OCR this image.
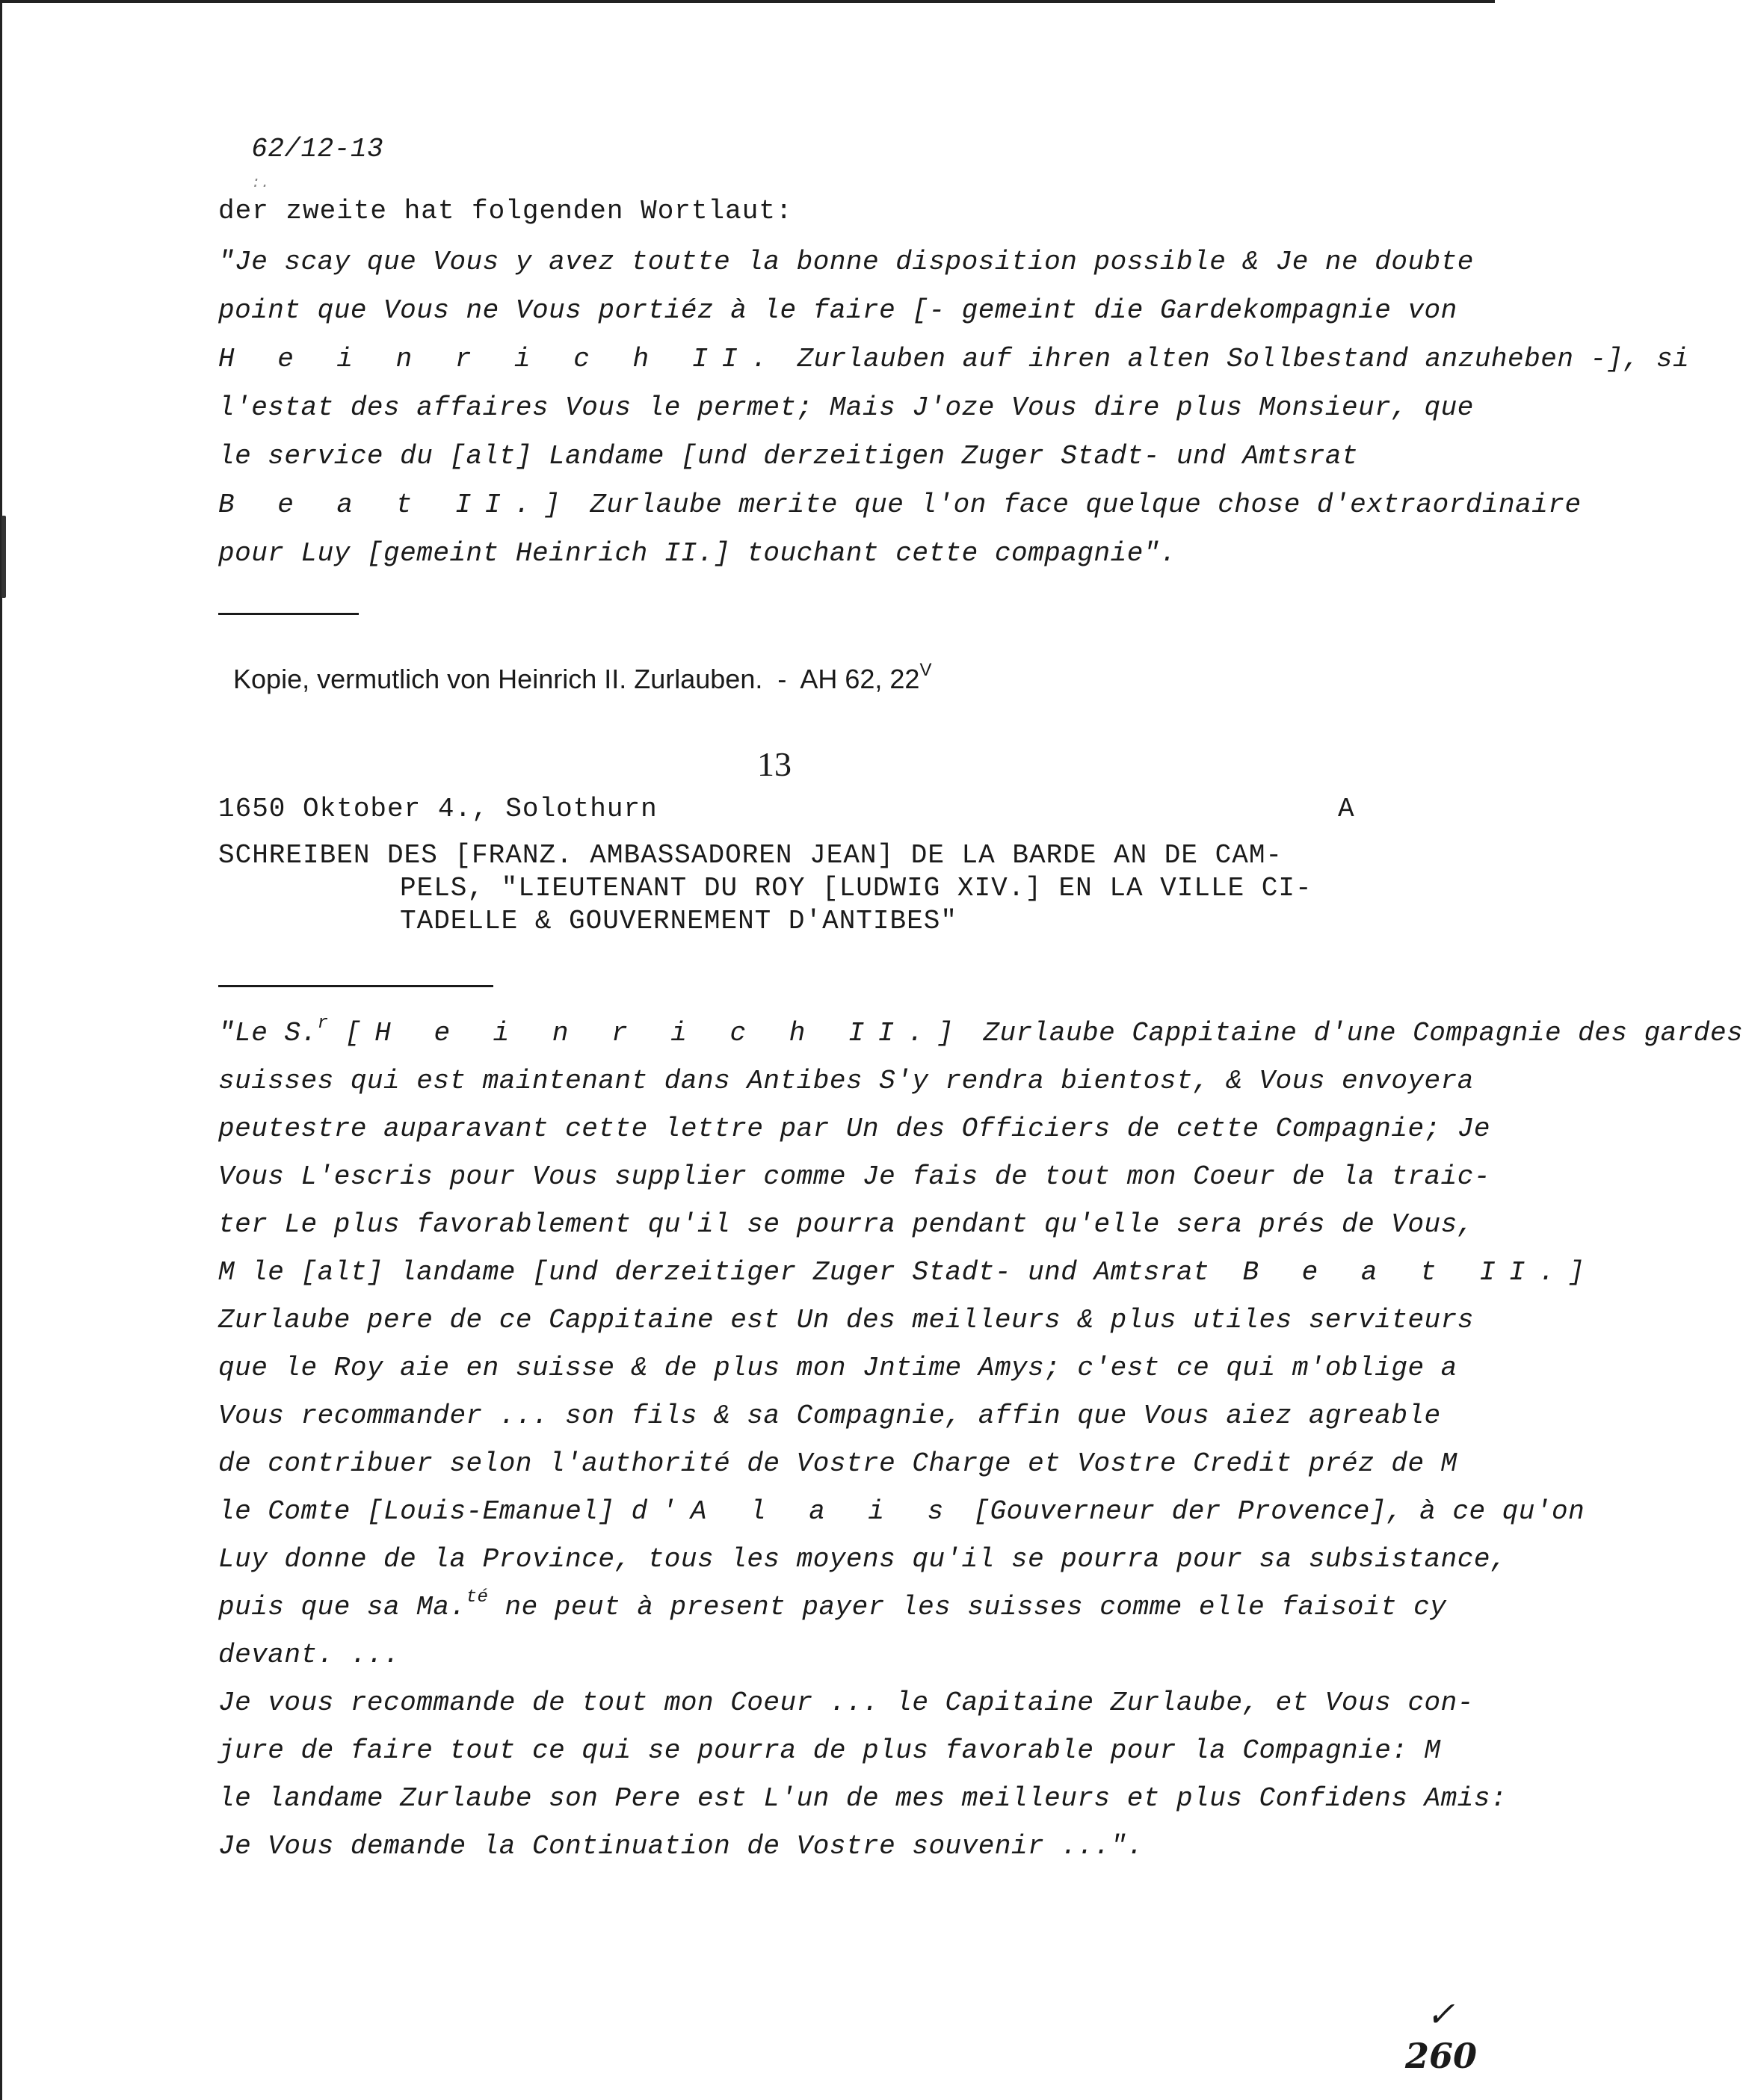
62/12-13
:.

der zweite hat folgenden Wortlaut:
"Je scay que Vous y avez toutte la bonne disposition possible & Je ne doubte
point que Vous ne Vous portiéz à le faire [- gemeint die Gardekompagnie von
H e i n r i c h II. Zurlauben auf ihren alten Sollbestand anzuheben -], si
l'estat des affaires Vous le permet; Mais J'oze Vous dire plus Monsieur, que
le service du [alt] Landame [und derzeitigen Zuger Stadt- und Amtsrat
B e a t II.] Zurlaube merite que l'on face quelque chose d'extraordinaire
pour Luy [gemeint Heinrich II.] touchant cette compagnie".

Kopie, vermutlich von Heinrich II. Zurlauben.  -  AH 62, $22^V$

13
1650 Oktober 4., Solothurn	A
SCHREIBEN DES [FRANZ. AMBASSADOREN JEAN] DE LA BARDE AN DE CAM-
PELS, "LIEUTENANT DU ROY [LUDWIG XIV.] EN LA VILLE CI-
TADELLE & GOUVERNEMENT D'ANTIBES"
"Le S.$^r$ [H e i n r i c h II.] Zurlaube Cappitaine d'une Compagnie des gardes
suisses qui est maintenant dans Antibes S'y rendra bientost, & Vous envoyera
peutestre auparavant cette lettre par Un des Officiers de cette Compagnie; Je
Vous L'escris pour Vous supplier comme Je fais de tout mon Coeur de la traic-
ter Le plus favorablement qu'il se pourra pendant qu'elle sera prés de Vous,
M le [alt] landame [und derzeitiger Zuger Stadt- und Amtsrat B e a t II.]
Zurlaube pere de ce Cappitaine est Un des meilleurs & plus utiles serviteurs
que le Roy aie en suisse & de plus mon Jntime Amys; c'est ce qui m'oblige a
Vous recommander ... son fils & sa Compagnie, affin que Vous aiez agreable
de contribuer selon l'authorité de Vostre Charge et Vostre Credit préz de M
le Comte [Louis-Emanuel] d'A l a i s [Gouverneur der Provence], à ce qu'on
Luy donne de la Province, tous les moyens qu'il se pourra pour sa subsistance,
puis que sa Ma.$^{té}$ ne peut à present payer les suisses comme elle faisoit cy
devant. ...
Je vous recommande de tout mon Coeur ... le Capitaine Zurlaube, et Vous con-
jure de faire tout ce qui se pourra de plus favorable pour la Compagnie: M
le landame Zurlaube son Pere est L'un de mes meilleurs et plus Confidens Amis:
Je Vous demande la Continuation de Vostre souvenir ...".
✓
260
